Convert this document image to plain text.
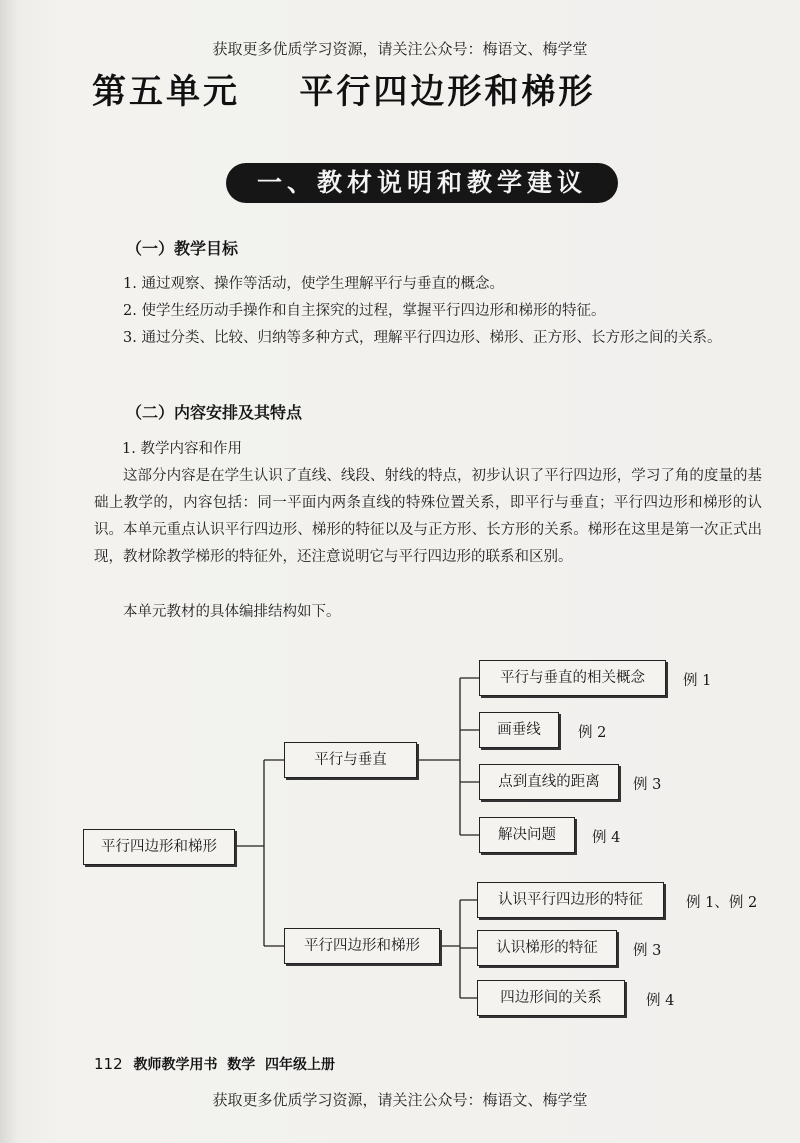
获取更多优质学习资源，请关注公众号：梅语文、梅学堂
第五单元    平行四边形和梯形
一、教材说明和教学建议
（一）教学目标
1. 通过观察、操作等活动，使学生理解平行与垂直的概念。
2. 使学生经历动手操作和自主探究的过程，掌握平行四边形和梯形的特征。
3. 通过分类、比较、归纳等多种方式，理解平行四边形、梯形、正方形、长方形之间的关系。
（二）内容安排及其特点
1. 教学内容和作用
这部分内容是在学生认识了直线、线段、射线的特点，初步认识了平行四边形，学习了角的度量的基础上教学的，内容包括：同一平面内两条直线的特殊位置关系，即平行与垂直；平行四边形和梯形的认识。本单元重点认识平行四边形、梯形的特征以及与正方形、长方形的关系。梯形在这里是第一次正式出现，教材除教学梯形的特征外，还注意说明它与平行四边形的联系和区别。
本单元教材的具体编排结构如下。
平行四边形和梯形
平行与垂直
平行与垂直的相关概念	例 1
画垂线	例 2
点到直线的距离	例 3
解决问题	例 4
平行四边形和梯形
认识平行四边形的特征	例 1、例 2
认识梯形的特征	例 3
四边形间的关系	例 4
112 教师教学用书  数学  四年级上册
获取更多优质学习资源，请关注公众号：梅语文、梅学堂
